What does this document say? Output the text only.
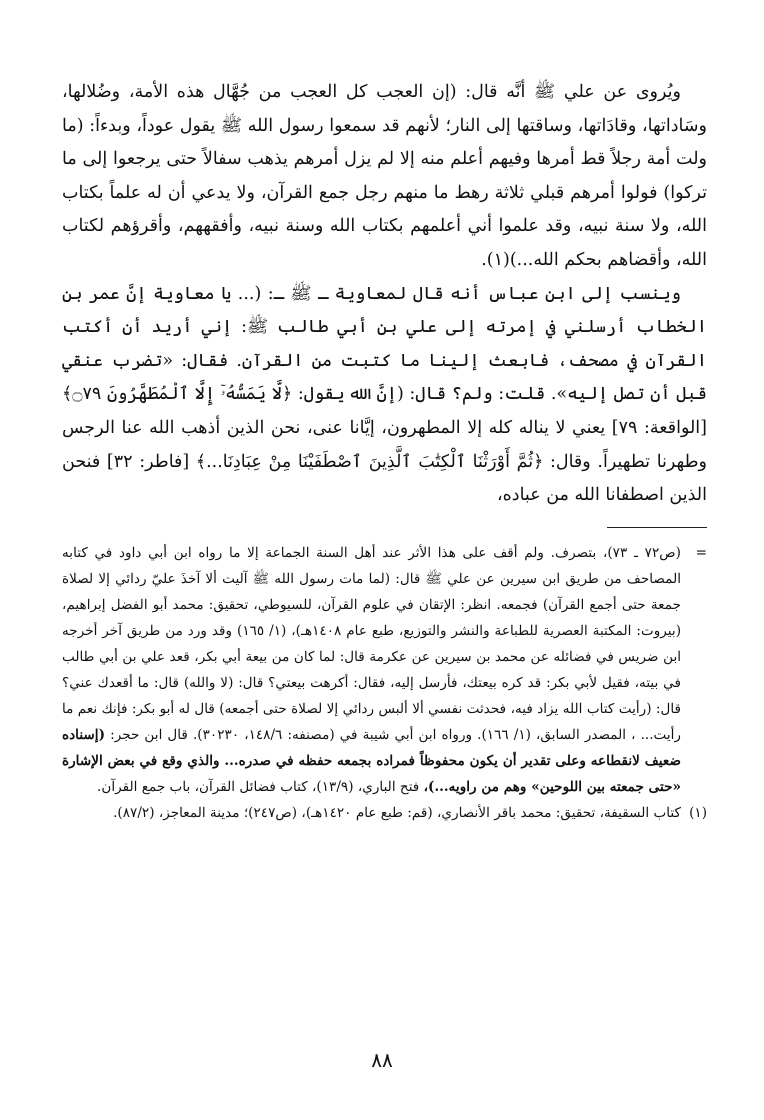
ويُروى عن علي ﷺ أنَّه قال: (إن العجب كل العجب من جُهَّال هذه الأمة، وضُلالها، وسَاداتها، وقادَاتها، وساقتها إلى النار؛ لأنهم قد سمعوا رسول الله ﷺ يقول عوداً، وبدءاً: (ما ولت أمة رجلاً قط أمرها وفيهم أعلم منه إلا لم يزل أمرهم يذهب سفالاً حتى يرجعوا إلى ما تركوا) فولوا أمرهم قبلي ثلاثة رهط ما منهم رجل جمع القرآن، ولا يدعي أن له علماً بكتاب الله، ولا سنة نبيه، وقد علموا أني أعلمهم بكتاب الله وسنة نبيه، وأفقههم، وأقرؤهم لكتاب الله، وأقضاهم بحكم الله...)(١).

وينسب إلى ابن عباس أنه قال لمعاوية ـ ﷺ ـ: (... يا معاوية إنَّ عمر بن الخطاب أرسلني في إمرته إلى علي بن أبي طالب ﷺ: إني أريد أن أكتب القرآن في مصحف، فابعث إلينا ما كتبت من القرآن. فقال: «تضرب عنقي قبل أن تصل إليه». قلت: ولم؟ قال: (إنَّ الله يقول: ﴿لَّا يَمَسُّهُۥٓ إِلَّا ٱلْمُطَهَّرُونَ ۝٧٩﴾ [الواقعة: ٧٩] يعني لا يناله كله إلا المطهرون، إيَّانا عنى، نحن الذين أذهب الله عنا الرجس وطهرنا تطهيراً. وقال: ﴿ثُمَّ أَوْرَثْنَا ٱلْكِتَٰبَ ٱلَّذِينَ ٱصْطَفَيْنَا مِنْ عِبَادِنَا...﴾ [فاطر: ٣٢] فنحن الذين اصطفانا الله من عباده،

=
(ص٧٢ ـ ٧٣)، بتصرف. ولم أقف على هذا الأثر عند أهل السنة الجماعة إلا ما رواه ابن أبي داود في كتابه المصاحف من طريق ابن سيرين عن علي ﷺ قال: (لما مات رسول الله ﷺ آليت ألا آخذَ عليّ ردائي إلا لصلاة جمعة حتى أجمع القرآن) فجمعه. انظر: الإتقان في علوم القرآن، للسيوطي، تحقيق: محمد أبو الفضل إبراهيم، (بيروت: المكتبة العصرية للطباعة والنشر والتوزيع، طبع عام ١٤٠٨هـ)، (١/ ١٦٥) وقد ورد من طريق آخر أخرجه ابن ضريس في فضائله عن محمد بن سيرين عن عكرمة قال: لما كان من بيعة أبي بكر، قعد علي بن أبي طالب في بيته، فقيل لأبي بكر: قد كره بيعتك، فأرسل إليه، فقال: أكرهت بيعتي؟ قال: (لا والله) قال: ما أقعدك عني؟ قال: (رأيت كتاب الله يزاد فيه، فحدثت نفسي ألا ألبس ردائي إلا لصلاة حتى أجمعه) قال له أبو بكر: فإنك نعم ما رأيت... ، المصدر السابق، (١/ ١٦٦). ورواه ابن أبي شيبة في (مصنفه: ١٤٨/٦، ٣٠٢٣٠). قال ابن حجر: (إسناده ضعيف لانقطاعه وعلى تقدير أن يكون محفوظاً فمراده بجمعه حفظه في صدره... والذي وقع في بعض الإشارة «حتى جمعته بين اللوحين» وهم من راويه...)، فتح الباري، (١٣/٩)، كتاب فضائل القرآن، باب جمع القرآن.
(١)
كتاب السقيفة، تحقيق: محمد باقر الأنصاري، (قم: طبع عام ١٤٢٠هـ)، (ص٢٤٧)؛ مدينة المعاجز، (٨٧/٢).
٨٨
